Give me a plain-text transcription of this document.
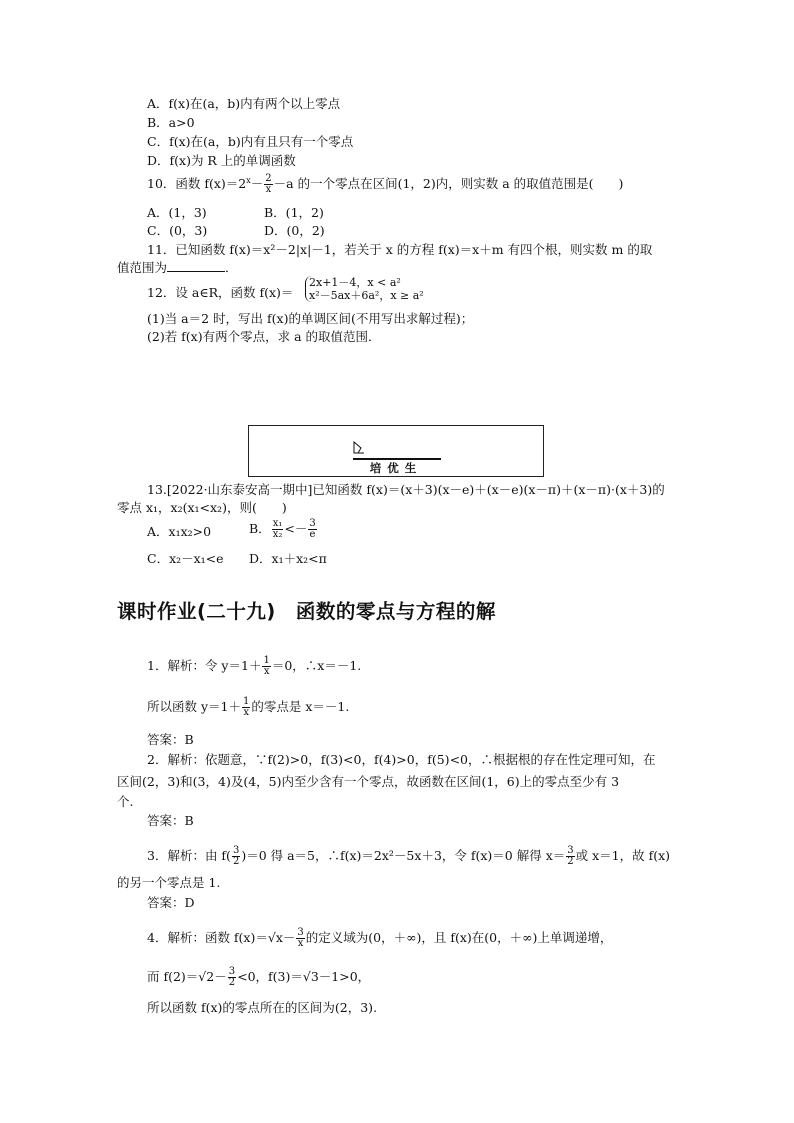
A．f(x)在(a，b)内有两个以上零点
B．a>0
C．f(x)在(a，b)内有且只有一个零点
D．f(x)为 R 上的单调函数
10．函数 $f(x)=2^x- \frac{2}{x} -a$ 的一个零点在区间(1，2)内，则实数 a 的取值范围是(　　)
A．(1，3)	B．(1，2)
C．(0，3)	D．(0，2)
11．已知函数 f(x)＝x²－2|x|－1，若关于 x 的方程 f(x)＝x＋m 有四个根，则实数 m 的取
值范围为	．
12．设 a∈R，函数 f(x)＝
2x+1－4，x < a²
x²－5ax＋6a²，x ≥ a²
(1)当 a＝2 时，写出 f(x)的单调区间(不用写出求解过程)；
(2)若 f(x)有两个零点，求 a 的取值范围．
培优生
13.[2022·山东泰安高一期中]已知函数 f(x)＝(x＋3)(x－e)＋(x－e)(x－π)＋(x－π)·(x＋3)的
零点 x₁，x₂(x₁<x₂)，则(　　)
A．x₁x₂>0	B． $\frac{\text{x₁}}{\text{x₂}} <- \frac{3}{e}$
C．x₂－x₁<e D．x₁＋x₂<π
课时作业(二十九)　函数的零点与方程的解
1．解析：令 $y=1+ \frac{1}{x} =0$，∴x＝－1.
所以函数 $y=1+ \frac{1}{x}$ 的零点是 x＝－1.
答案：B
2．解析：依题意，∵f(2)>0，f(3)<0，f(4)>0，f(5)<0，∴根据根的存在性定理可知，在
区间(2，3)和(3，4)及(4，5)内至少含有一个零点，故函数在区间(1，6)上的零点至少有 3
个.
答案：B
3．解析：由 $f( \frac{3}{2} )=0$ 得 a＝5，∴f(x)＝2x²－5x＋3，令 f(x)＝0 解得 $x= \frac{3}{2}$ 或 x＝1，故 f(x)
的另一个零点是 1.
答案：D
4．解析：函数 $f(x)=√x- \frac{3}{x}$ 的定义域为(0，＋∞)，且 f(x)在(0，＋∞)上单调递增，
而 $f(2)=√2- \frac{3}{2} <0$，f(3)＝√3－1>0，
所以函数 f(x)的零点所在的区间为(2，3).
